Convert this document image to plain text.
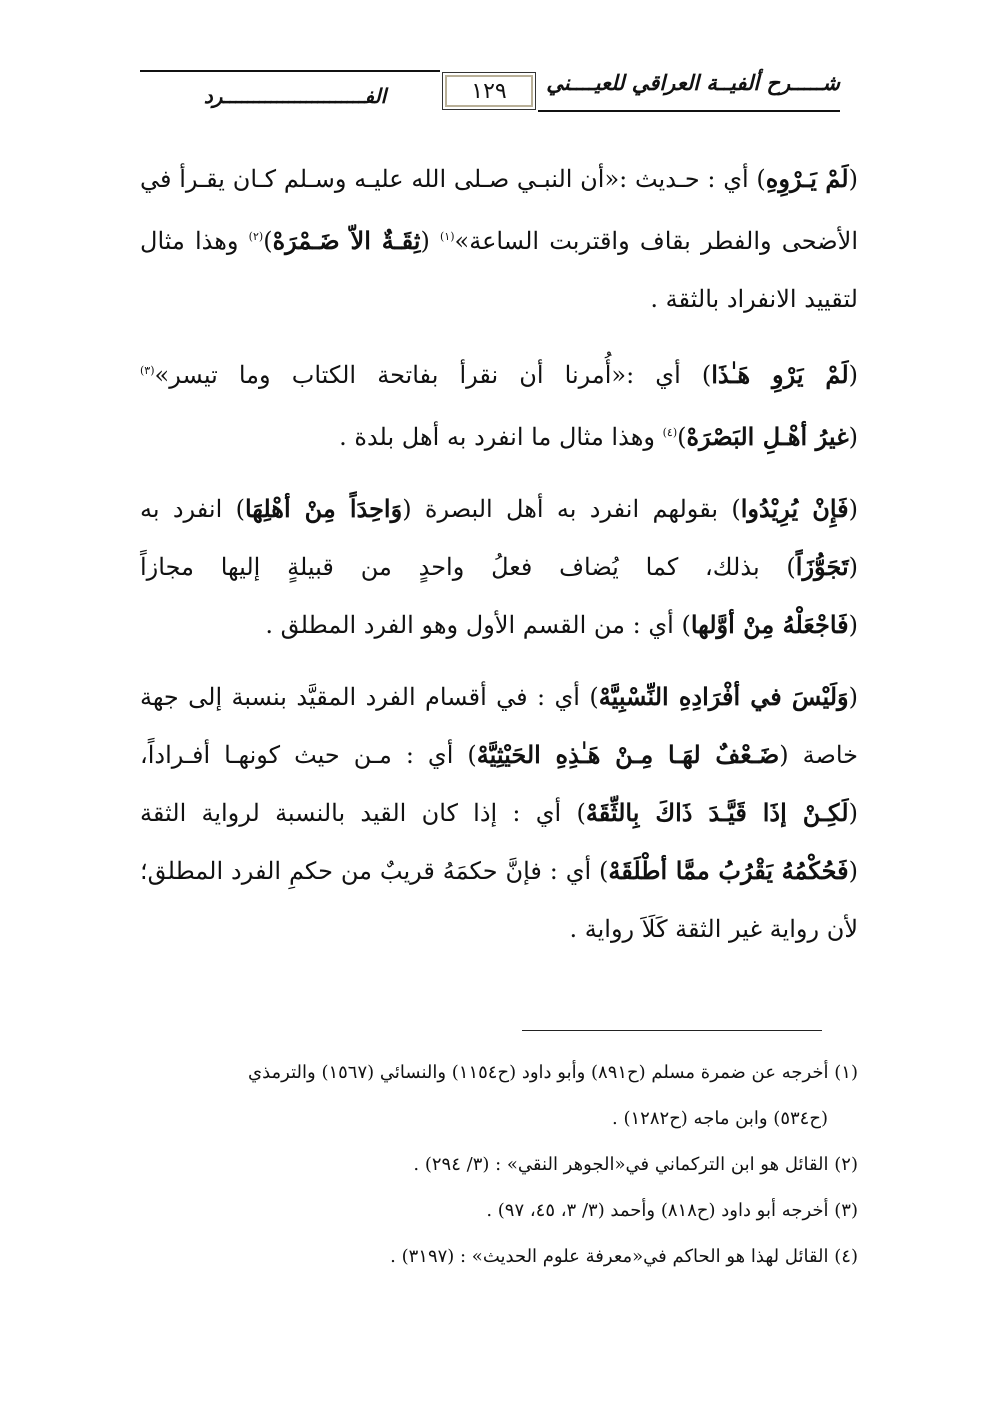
الفــــــــــــــــــــــــرد	١٢٩	شـــــرح ألفيــة العراقي للعيــــني

(لَمْ يَـرْوِهِ) أي : حـديث :«أن النبـي صـلى الله عليـه وسـلم كـان يقـرأ في الأضحى والفطر بقاف واقتربت الساعة»$^{(١)}$ (ثِقَـةٌ الاّ ضَـمْرَهْ)$^{(٢)}$ وهذا مثال لتقييد الانفراد بالثقة .

(لَمْ يَرْوِ هَـٰذَا) أي :«أُمرنا أن نقرأ بفاتحة الكتاب وما تيسر»$^{(٣)}$ (غيرُ أهْـلِ البَصْرَهْ)$^{(٤)}$ وهذا مثال ما انفرد به أهل بلدة .

(فَإِنْ يُرِيْدُوا) بقولهم انفرد به أهل البصرة (وَاحِدَاً مِنْ أهْلِهَا) انفرد به (تَجَوُّزَاً) بذلك، كما يُضاف فعلُ واحدٍ من قبيلةٍ إليها مجازاً (فَاجْعَلْهُ مِنْ أوَّلها) أي : من القسم الأول وهو الفرد المطلق .

(وَلَيْسَ في أفْرَادِهِ النِّسْبِيَّهْ) أي : في أقسام الفرد المقيَّد بنسبة إلى جهة خاصة (ضَـعْفٌ لهَـا مِـنْ هَـٰذِهِ الحَيْثِيَّهْ) أي : مـن حيث كونهـا أفـراداً، (لَكِـنْ إذَا قَيَّـدَ ذَاكَ بِالثِّقَهْ) أي : إذا كان القيد بالنسبة لرواية الثقة (فَحُكْمُهُ يَقْرُبُ ممَّا أطْلَقَهْ) أي : فإنَّ حكمَهُ قريبٌ من حكمِ الفرد المطلق؛ لأن رواية غير الثقة كَلَاَ رواية .

(١) أخرجه عن ضمرة مسلم (ح٨٩١) وأبو داود (ح١١٥٤) والنسائي (١٥٦٧) والترمذي

(ح٥٣٤) وابن ماجه (ح١٢٨٢) .

(٢) القائل هو ابن التركماني في«الجوهر النقي» : (٣/ ٢٩٤) .

(٣) أخرجه أبو داود (ح٨١٨) وأحمد (٣/ ٣، ٤٥، ٩٧) .

(٤) القائل لهذا هو الحاكم في«معرفة علوم الحديث» : (٣١٩٧) .
